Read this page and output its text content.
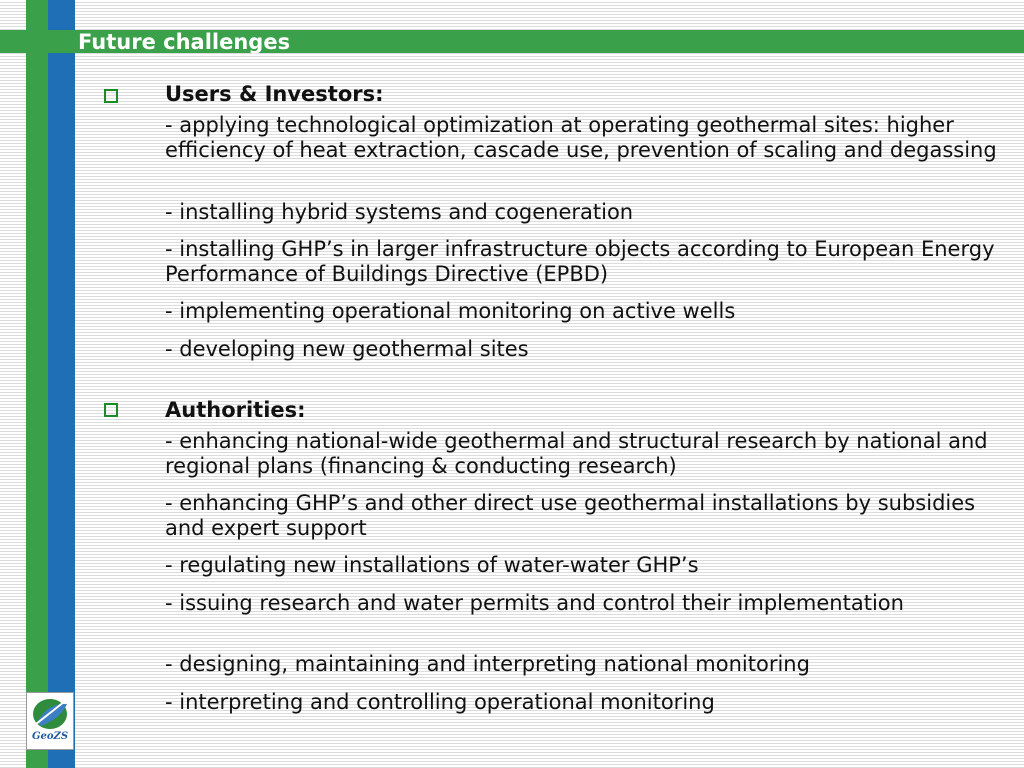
Future challenges
Users & Investors:
- applying technological optimization at operating geothermal sites: higher efficiency of heat extraction, cascade use, prevention of scaling and degassing
- installing hybrid systems and cogeneration
- installing GHP’s in larger infrastructure objects according to European Energy Performance of Buildings Directive (EPBD)
- implementing operational monitoring on active wells
- developing new geothermal sites
Authorities:
- enhancing national-wide geothermal and structural research by national and regional plans (financing & conducting research)
- enhancing GHP’s and other direct use geothermal installations by subsidies and expert support
- regulating new installations of water-water GHP’s
- issuing research and water permits and control their implementation
- designing, maintaining and interpreting national monitoring
- interpreting and controlling operational monitoring
GeoZS
